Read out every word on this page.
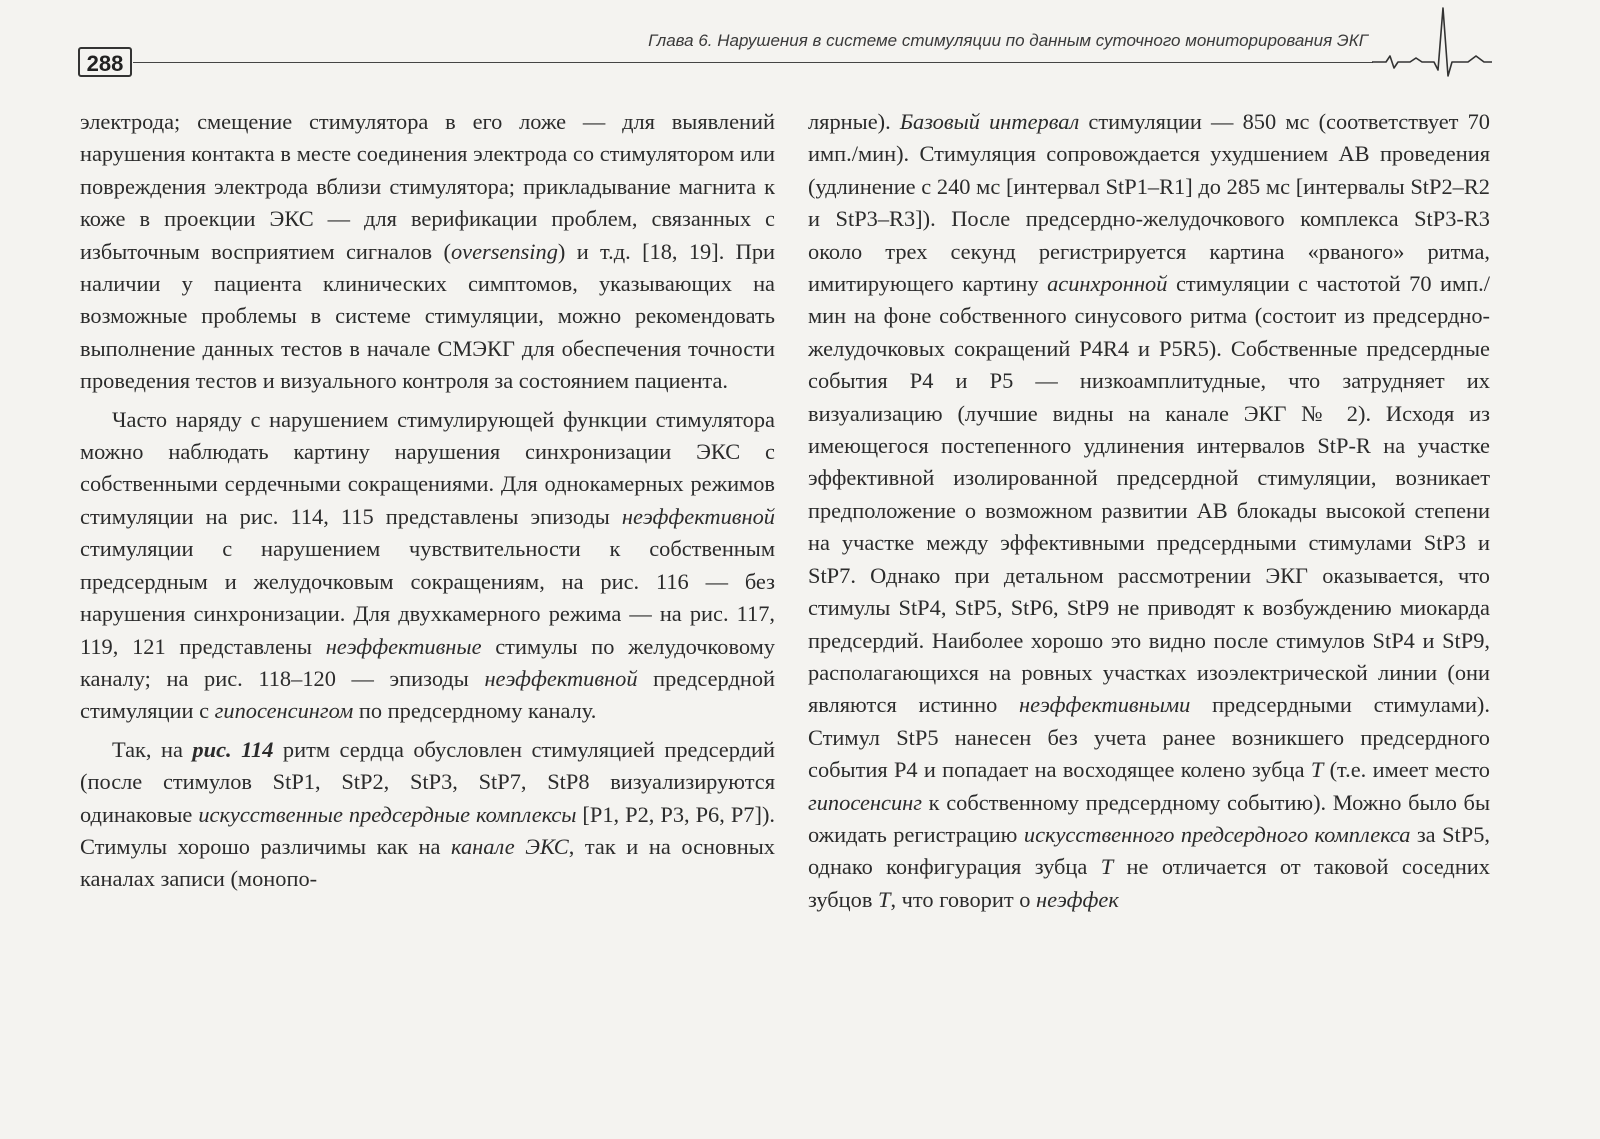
288
Глава 6. Нарушения в системе стимуляции по данным суточного мониторирования ЭКГ

электрода; смещение стимулятора в его ложе — для выявлений нарушения контакта в месте соединения электрода со стимулятором или повреждения электрода вблизи стимулятора; прикладывание магнита к коже в проекции ЭКС — для верификации проблем, связанных с избыточным восприятием сигналов (oversensing) и т.д. [18, 19]. При наличии у пациента клинических симптомов, указывающих на возможные проблемы в системе стимуляции, можно рекомендовать выполнение данных тестов в начале СМЭКГ для обеспечения точности проведения тестов и визуального контроля за состоянием пациента.

Часто наряду с нарушением стимулирующей функции стимулятора можно наблюдать картину нарушения синхронизации ЭКС с собственными сердечными сокращениями. Для однокамерных режимов стимуляции на рис. 114, 115 представлены эпизоды неэффективной стимуляции с нарушением чувствительности к собственным предсердным и желудочковым сокращениям, на рис. 116 — без нарушения синхронизации. Для двухкамерного режима — на рис. 117, 119, 121 представлены неэффективные стимулы по желудочковому каналу; на рис. 118–120 — эпизоды неэффективной предсердной стимуляции с гипосенсингом по предсердному каналу.

Так, на рис. 114 ритм сердца обусловлен стимуляцией предсердий (после стимулов StP1, StP2, StP3, StP7, StP8 визуализируются одинаковые искусственные предсердные комплексы [P1, P2, P3, P6, P7]). Стимулы хорошо различимы как на канале ЭКС, так и на основных каналах записи (монопо-

лярные). Базовый интервал стимуляции — 850 мс (соответствует 70 имп./мин). Стимуляция сопровождается ухудшением АВ проведения (удлинение с 240 мс [интервал StP1–R1] до 285 мс [интервалы StP2–R2 и StP3–R3]). После предсердно-желудочкового комплекса StP3-R3 около трех секунд регистрируется картина «рваного» ритма, имитирующего картину асинхронной стимуляции с частотой 70 имп./мин на фоне собственного синусового ритма (состоит из предсердно-желудочковых сокращений P4R4 и P5R5). Собственные предсердные события P4 и P5 — низкоамплитудные, что затрудняет их визуализацию (лучшие видны на канале ЭКГ № 2). Исходя из имеющегося постепенного удлинения интервалов StP-R на участке эффективной изолированной предсердной стимуляции, возникает предположение о возможном развитии АВ блокады высокой степени на участке между эффективными предсердными стимулами StP3 и StP7. Однако при детальном рассмотрении ЭКГ оказывается, что стимулы StP4, StP5, StP6, StP9 не приводят к возбуждению миокарда предсердий. Наиболее хорошо это видно после стимулов StP4 и StP9, располагающихся на ровных участках изоэлектрической линии (они являются истинно неэффективными предсердными стимулами). Стимул StP5 нанесен без учета ранее возникшего предсердного события P4 и попадает на восходящее колено зубца T (т.е. имеет место гипосенсинг к собственному предсердному событию). Можно было бы ожидать регистрацию искусственного предсердного комплекса за StP5, однако конфигурация зубца T не отличается от таковой соседних зубцов T, что говорит о неэффек
